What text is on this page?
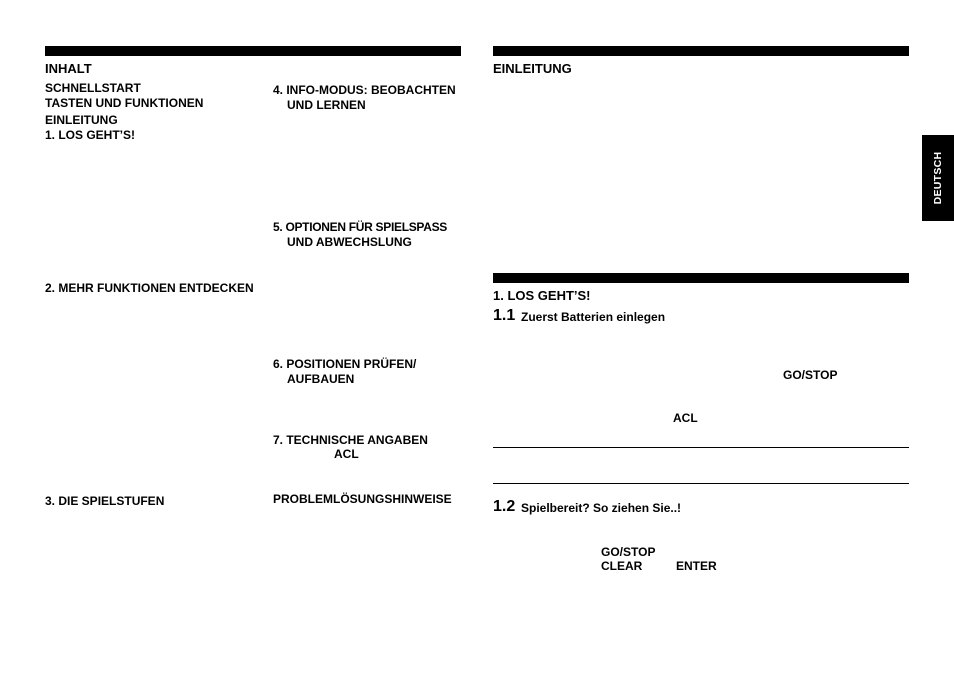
INHALT
SCHNELLSTART
TASTEN UND FUNKTIONEN
EINLEITUNG
1. LOS GEHT’S!
2. MEHR FUNKTIONEN ENTDECKEN
3. DIE SPIELSTUFEN
4. INFO-MODUS: BEOBACHTEN
UND LERNEN
5. OPTIONEN FÜR SPIELSPASS
UND ABWECHSLUNG
6. POSITIONEN PRÜFEN/
AUFBAUEN
7. TECHNISCHE ANGABEN
ACL
PROBLEMLÖSUNGSHINWEISE
EINLEITUNG
1. LOS GEHT’S!
1.1 Zuerst Batterien einlegen
GO/STOP
ACL
1.2 Spielbereit? So ziehen Sie..!
GO/STOP
CLEAR	ENTER
DEUTSCH
